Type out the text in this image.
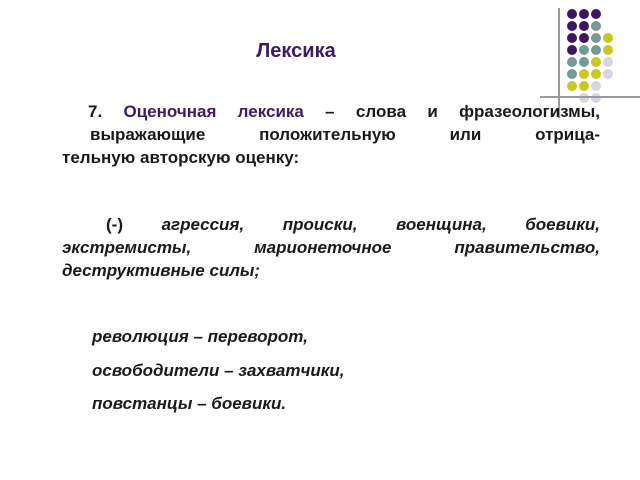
Лексика
7. Оценочная лексика – слова и фразеологизмы,
выражающие положительную или отрица-
тельную авторскую оценку:
(-) агрессия, происки, военщина, боевики,
экстремисты, марионеточное правительство,
деструктивные силы;
революция – переворот,
освободители – захватчики,
повстанцы – боевики.
